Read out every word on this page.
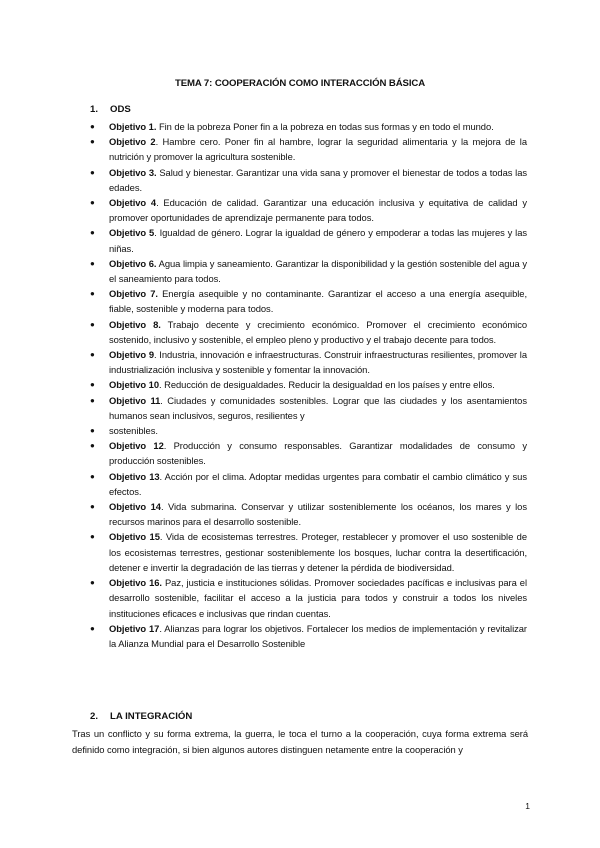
TEMA 7: COOPERACIÓN COMO INTERACCIÓN BÁSICA
1. ODS
● Objetivo 1. Fin de la pobreza Poner fin a la pobreza en todas sus formas y en todo el mundo.
● Objetivo 2. Hambre cero. Poner fin al hambre, lograr la seguridad alimentaria y la mejora de la nutrición y promover la agricultura sostenible.
● Objetivo 3. Salud y bienestar. Garantizar una vida sana y promover el bienestar de todos a todas las edades.
● Objetivo 4. Educación de calidad. Garantizar una educación inclusiva y equitativa de calidad y promover oportunidades de aprendizaje permanente para todos.
● Objetivo 5. Igualdad de género. Lograr la igualdad de género y empoderar a todas las mujeres y las niñas.
● Objetivo 6. Agua limpia y saneamiento. Garantizar la disponibilidad y la gestión sostenible del agua y el saneamiento para todos.
● Objetivo 7. Energía asequible y no contaminante. Garantizar el acceso a una energía asequible, fiable, sostenible y moderna para todos.
● Objetivo 8. Trabajo decente y crecimiento económico. Promover el crecimiento económico sostenido, inclusivo y sostenible, el empleo pleno y productivo y el trabajo decente para todos.
● Objetivo 9. Industria, innovación e infraestructuras. Construir infraestructuras resilientes, promover la industrialización inclusiva y sostenible y fomentar la innovación.
● Objetivo 10. Reducción de desigualdades. Reducir la desigualdad en los países y entre ellos.
● Objetivo 11. Ciudades y comunidades sostenibles. Lograr que las ciudades y los asentamientos humanos sean inclusivos, seguros, resilientes y
● sostenibles.
● Objetivo 12. Producción y consumo responsables. Garantizar modalidades de consumo y producción sostenibles.
● Objetivo 13. Acción por el clima. Adoptar medidas urgentes para combatir el cambio climático y sus efectos.
● Objetivo 14. Vida submarina. Conservar y utilizar sosteniblemente los océanos, los mares y los recursos marinos para el desarrollo sostenible.
● Objetivo 15. Vida de ecosistemas terrestres. Proteger, restablecer y promover el uso sostenible de los ecosistemas terrestres, gestionar sosteniblemente los bosques, luchar contra la desertificación, detener e invertir la degradación de las tierras y detener la pérdida de biodiversidad.
● Objetivo 16. Paz, justicia e instituciones sólidas. Promover sociedades pacíficas e inclusivas para el desarrollo sostenible, facilitar el acceso a la justicia para todos y construir a todos los niveles instituciones eficaces e inclusivas que rindan cuentas.
● Objetivo 17. Alianzas para lograr los objetivos. Fortalecer los medios de implementación y revitalizar la Alianza Mundial para el Desarrollo Sostenible
2. LA INTEGRACIÓN
Tras un conflicto y su forma extrema, la guerra, le toca el turno a la cooperación, cuya forma extrema será definido como integración, si bien algunos autores distinguen netamente entre la cooperación y
1
